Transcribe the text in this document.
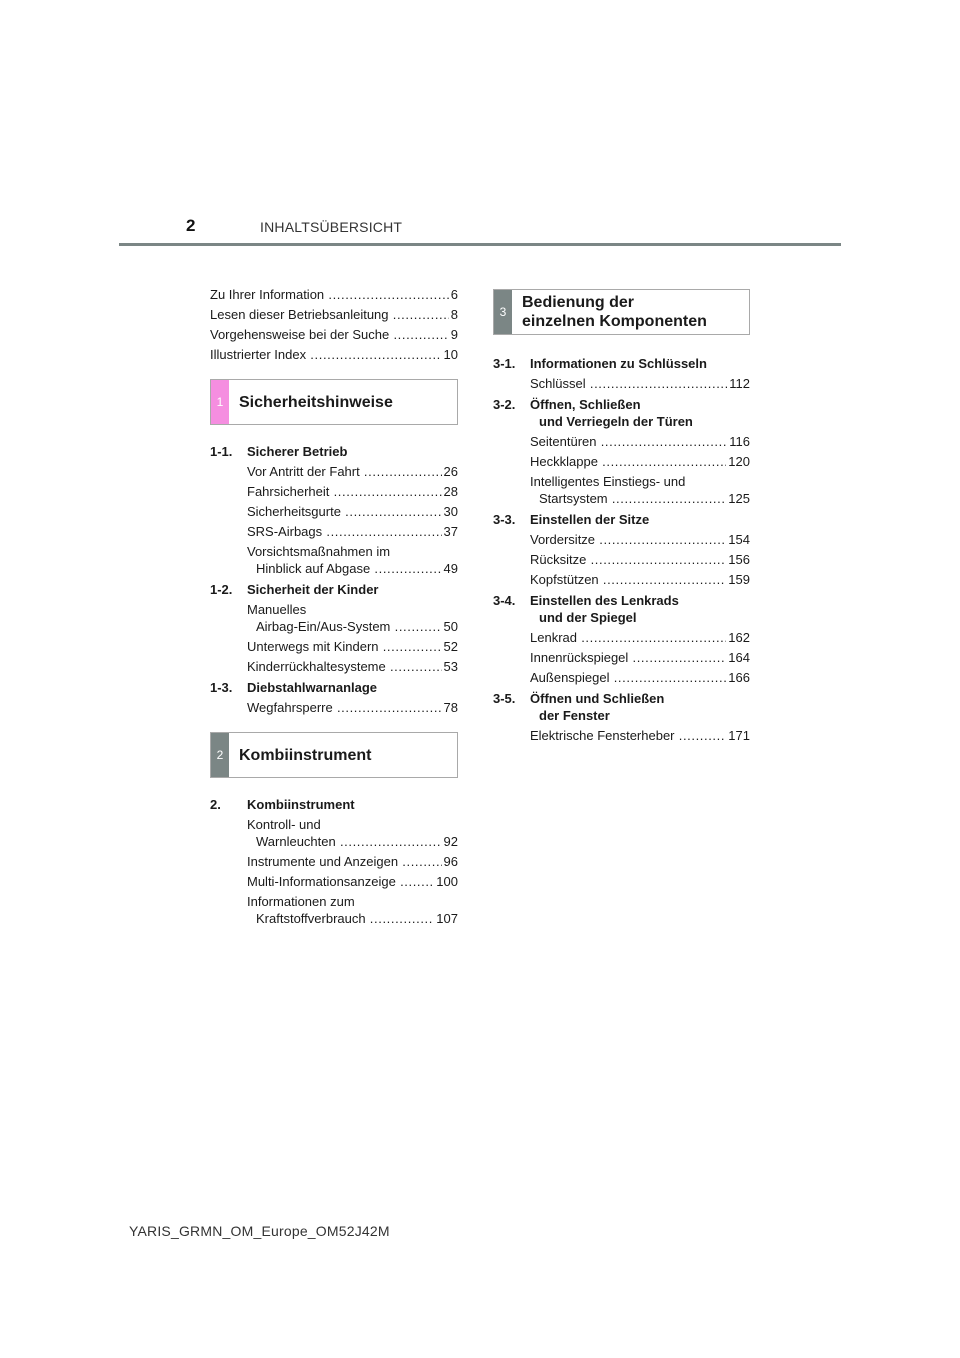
2	INHALTSÜBERSICHT
Zu Ihrer Information .....	6
Lesen dieser Betriebsanleitung .....	8
Vorgehensweise bei der Suche .....	9
Illustrierter Index .....	10
1 Sicherheitshinweise
1-1.	Sicherer Betrieb
Vor Antritt der Fahrt .....	26
Fahrsicherheit .....	28
Sicherheitsgurte .....	30
SRS-Airbags .....	37
Vorsichtsmaßnahmen im
Hinblick auf Abgase .....	49
1-2.	Sicherheit der Kinder
Manuelles
Airbag-Ein/Aus-System .....	50
Unterwegs mit Kindern .....	52
Kinderrückhaltesysteme .....	53
1-3.	Diebstahlwarnanlage
Wegfahrsperre .....	78
2 Kombiinstrument
2.	Kombiinstrument
Kontroll- und
Warnleuchten .....	92
Instrumente und Anzeigen .....	96
Multi-Informationsanzeige .....	100
Informationen zum
Kraftstoffverbrauch .....	107
3
Bedienung der
einzelnen Komponenten
3-1.	Informationen zu Schlüsseln
Schlüssel .....	112
3-2.	Öffnen, Schließen
und Verriegeln der Türen
Seitentüren .....	116
Heckklappe .....	120
Intelligentes Einstiegs- und
Startsystem .....	125
3-3.	Einstellen der Sitze
Vordersitze .....	154
Rücksitze .....	156
Kopfstützen .....	159
3-4.	Einstellen des Lenkrads
und der Spiegel
Lenkrad .....	162
Innenrückspiegel .....	164
Außenspiegel .....	166
3-5.	Öffnen und Schließen
der Fenster
Elektrische Fensterheber .....	171
YARIS_GRMN_OM_Europe_OM52J42M
